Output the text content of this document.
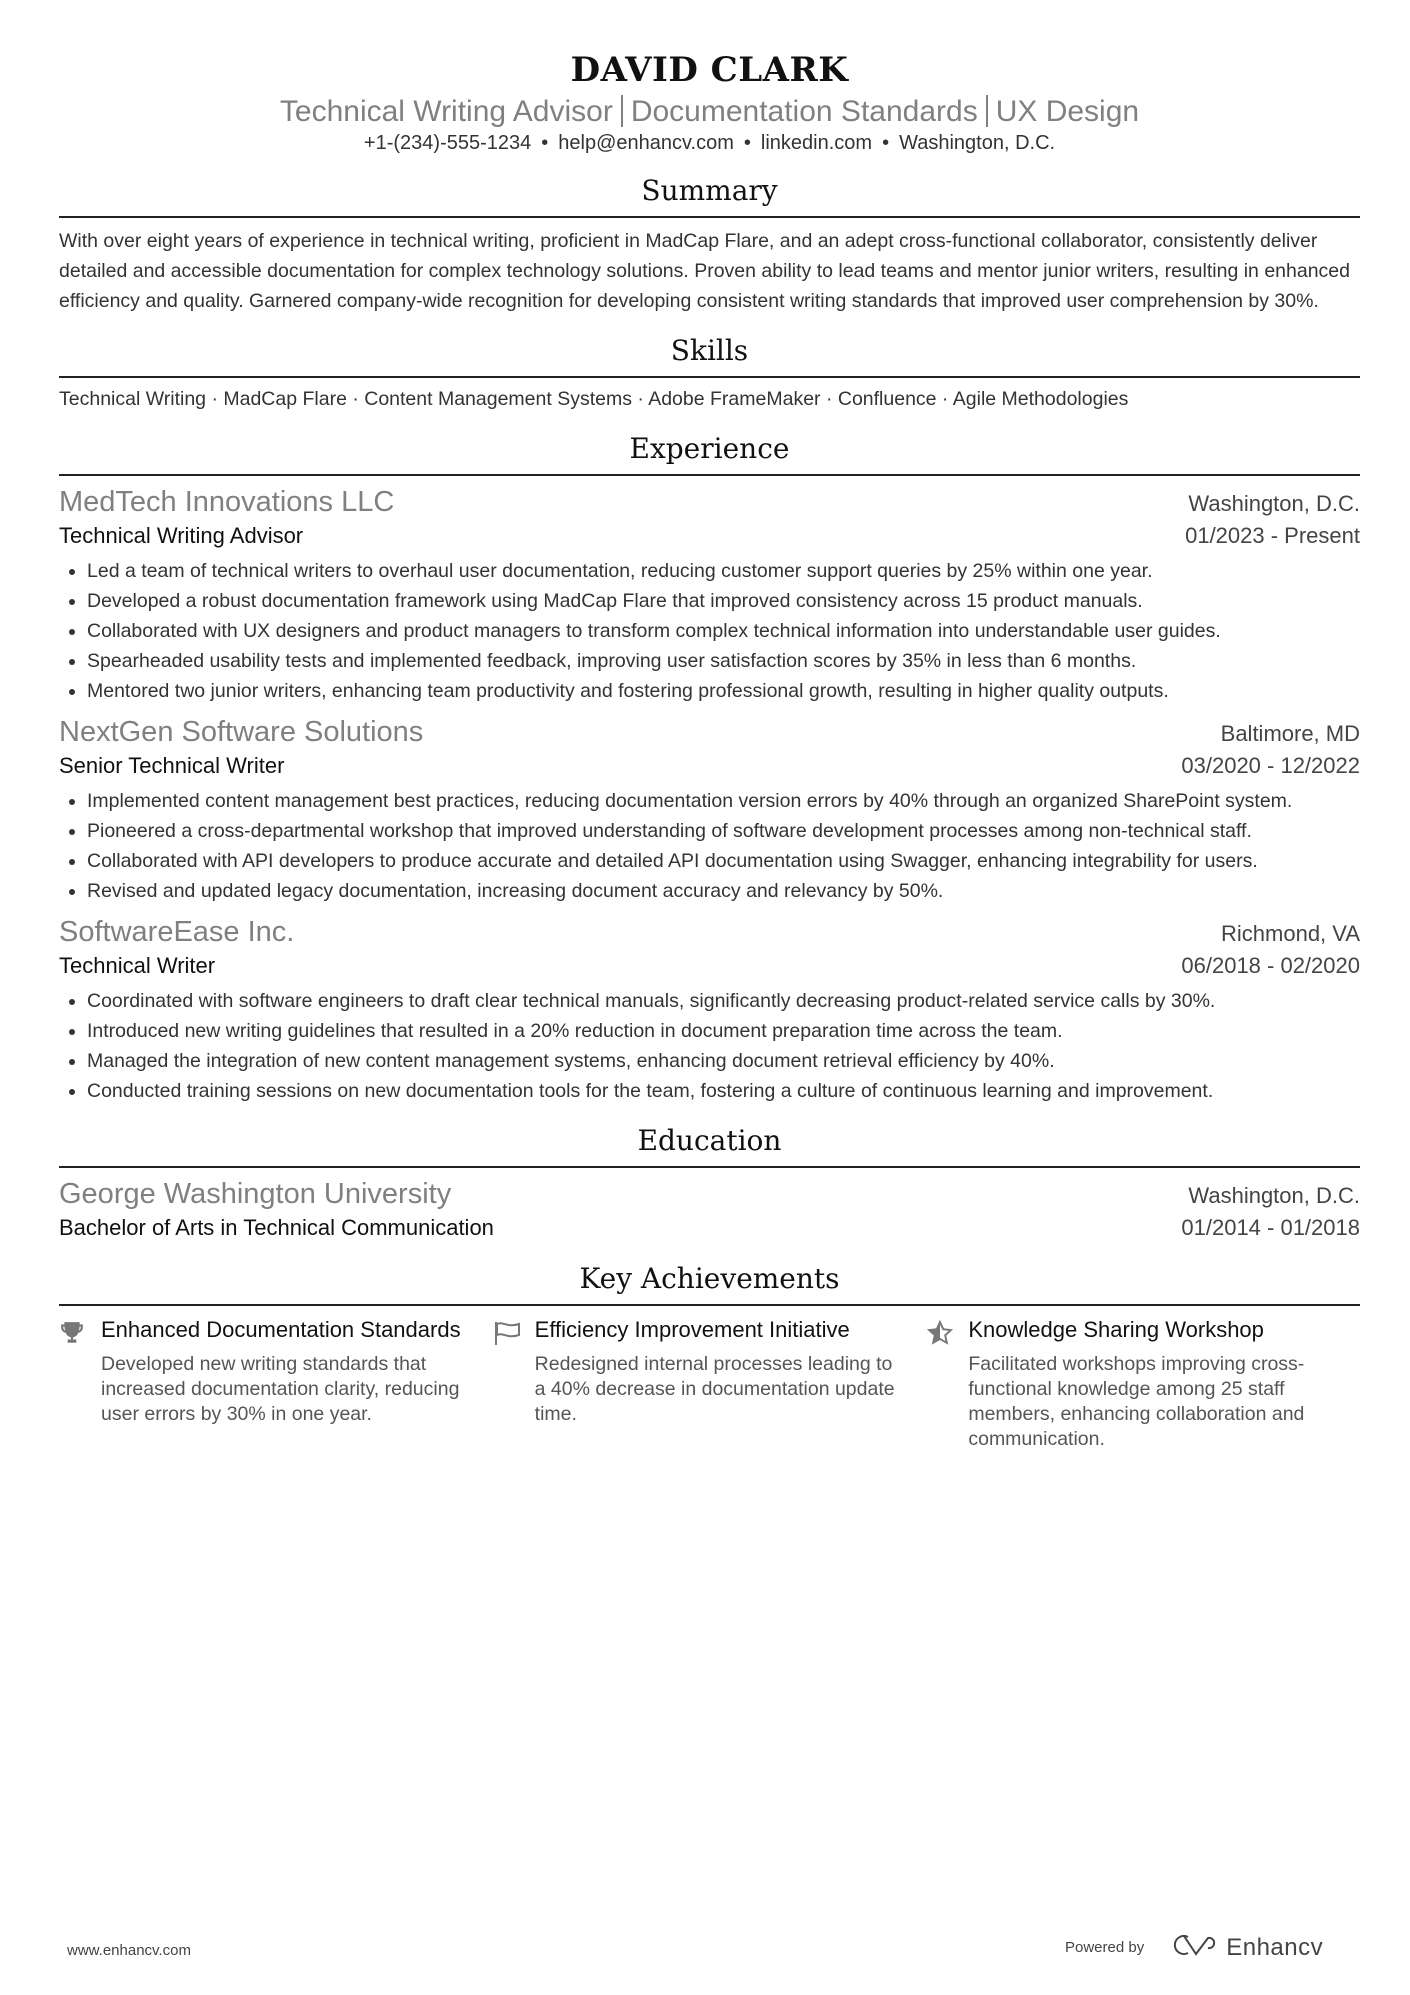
DAVID CLARK
Technical Writing Advisor Documentation Standards UX Design
+1-(234)-555-1234 • help@enhancv.com • linkedin.com • Washington, D.C.
Summary
With over eight years of experience in technical writing, proficient in MadCap Flare, and an adept cross-functional collaborator, consistently deliver detailed and accessible documentation for complex technology solutions. Proven ability to lead teams and mentor junior writers, resulting in enhanced efficiency and quality. Garnered company-wide recognition for developing consistent writing standards that improved user comprehension by 30%.
Skills
Technical Writing · MadCap Flare · Content Management Systems · Adobe FrameMaker · Confluence · Agile Methodologies
Experience
MedTech Innovations LLC	Washington, D.C.
Technical Writing Advisor	01/2023 - Present
• Led a team of technical writers to overhaul user documentation, reducing customer support queries by 25% within one year.
• Developed a robust documentation framework using MadCap Flare that improved consistency across 15 product manuals.
• Collaborated with UX designers and product managers to transform complex technical information into understandable user guides.
• Spearheaded usability tests and implemented feedback, improving user satisfaction scores by 35% in less than 6 months.
• Mentored two junior writers, enhancing team productivity and fostering professional growth, resulting in higher quality outputs.
NextGen Software Solutions	Baltimore, MD
Senior Technical Writer	03/2020 - 12/2022
• Implemented content management best practices, reducing documentation version errors by 40% through an organized SharePoint system.
• Pioneered a cross-departmental workshop that improved understanding of software development processes among non-technical staff.
• Collaborated with API developers to produce accurate and detailed API documentation using Swagger, enhancing integrability for users.
• Revised and updated legacy documentation, increasing document accuracy and relevancy by 50%.
SoftwareEase Inc.	Richmond, VA
Technical Writer	06/2018 - 02/2020
• Coordinated with software engineers to draft clear technical manuals, significantly decreasing product-related service calls by 30%.
• Introduced new writing guidelines that resulted in a 20% reduction in document preparation time across the team.
• Managed the integration of new content management systems, enhancing document retrieval efficiency by 40%.
• Conducted training sessions on new documentation tools for the team, fostering a culture of continuous learning and improvement.
Education
George Washington University	Washington, D.C.
Bachelor of Arts in Technical Communication	01/2014 - 01/2018
Key Achievements
Enhanced Documentation Standards
Developed new writing standards that increased documentation clarity, reducing user errors by 30% in one year.
Efficiency Improvement Initiative
Redesigned internal processes leading to a 40% decrease in documentation update time.
Knowledge Sharing Workshop
Facilitated workshops improving cross-functional knowledge among 25 staff members, enhancing collaboration and communication.
www.enhancv.com	Powered by	Enhancv
